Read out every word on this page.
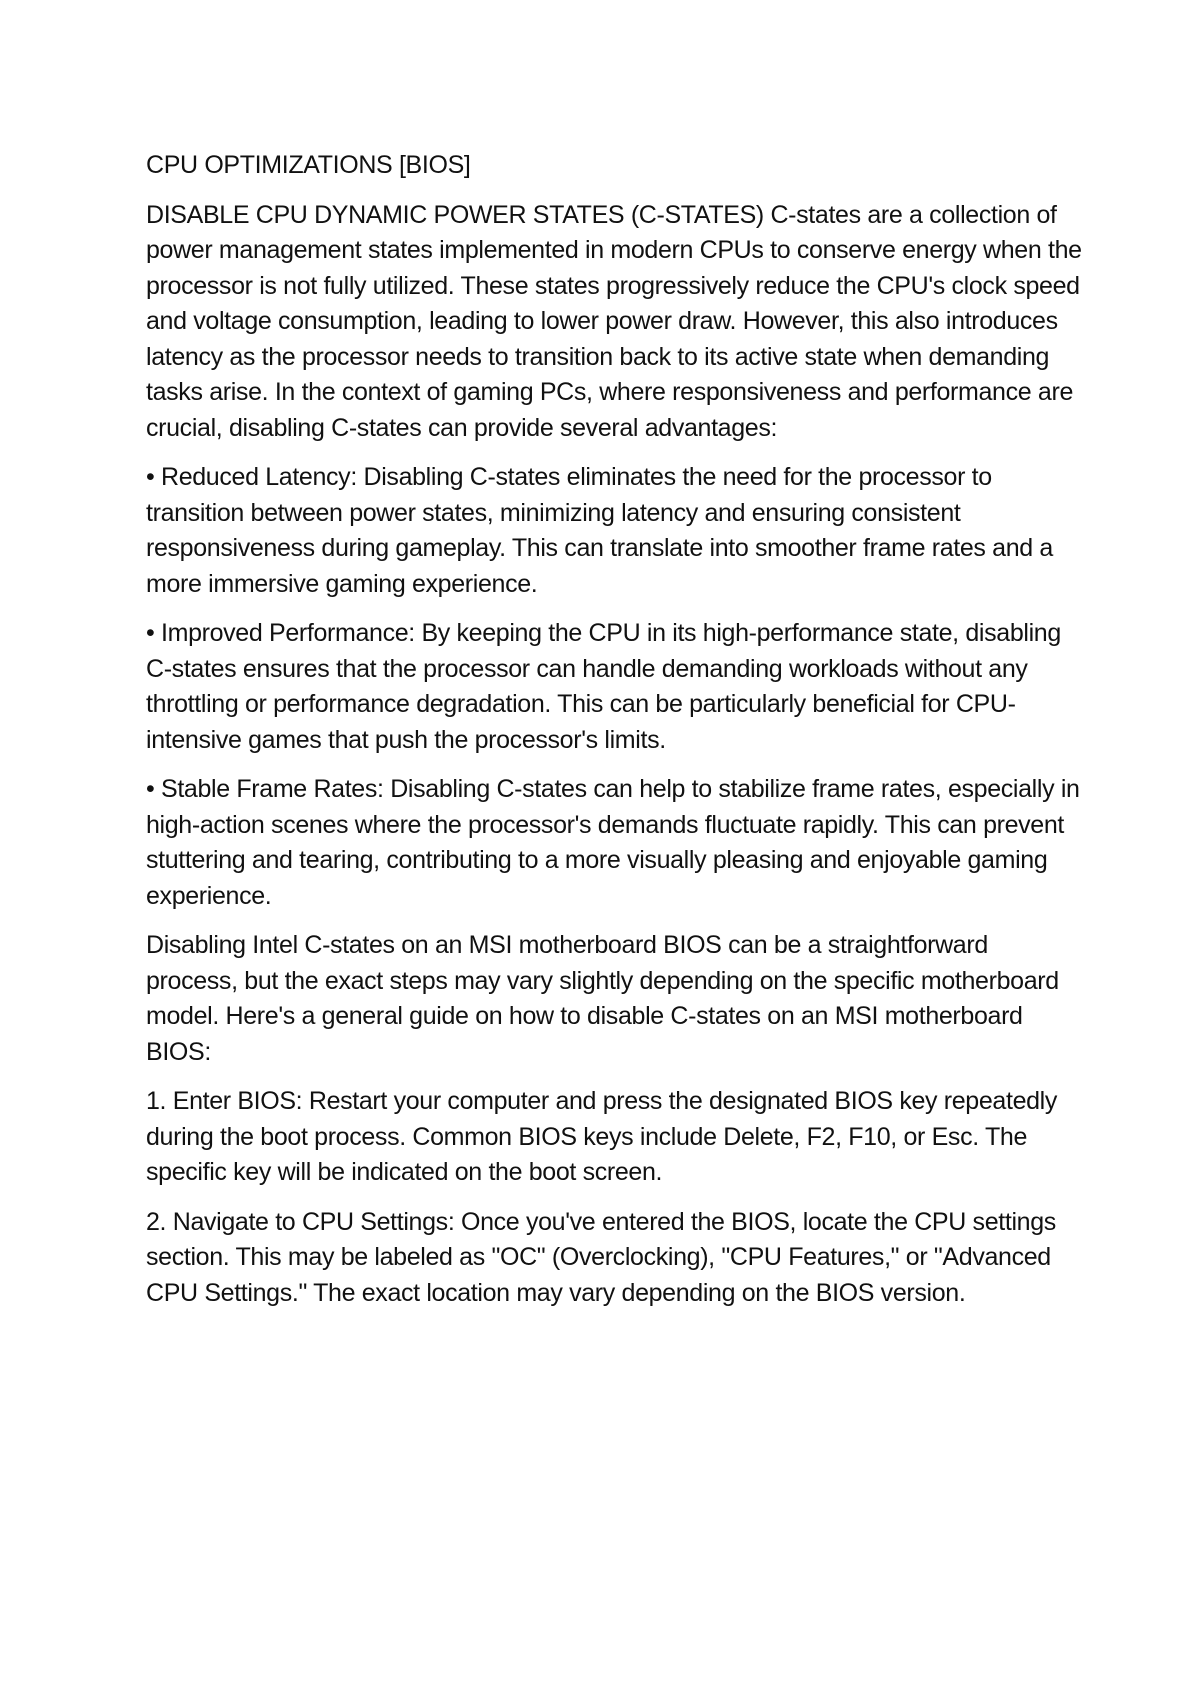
CPU OPTIMIZATIONS [BIOS]

DISABLE CPU DYNAMIC POWER STATES (C-STATES) C-states are a collection of power management states implemented in modern CPUs to conserve energy when the processor is not fully utilized. These states progressively reduce the CPU's clock speed and voltage consumption, leading to lower power draw. However, this also introduces latency as the processor needs to transition back to its active state when demanding tasks arise. In the context of gaming PCs, where responsiveness and performance are crucial, disabling C-states can provide several advantages:

• Reduced Latency: Disabling C-states eliminates the need for the processor to transition between power states, minimizing latency and ensuring consistent responsiveness during gameplay. This can translate into smoother frame rates and a more immersive gaming experience.

• Improved Performance: By keeping the CPU in its high-performance state, disabling C-states ensures that the processor can handle demanding workloads without any throttling or performance degradation. This can be particularly beneficial for CPU-intensive games that push the processor's limits.

• Stable Frame Rates: Disabling C-states can help to stabilize frame rates, especially in high-action scenes where the processor's demands fluctuate rapidly. This can prevent stuttering and tearing, contributing to a more visually pleasing and enjoyable gaming experience.

Disabling Intel C-states on an MSI motherboard BIOS can be a straightforward process, but the exact steps may vary slightly depending on the specific motherboard model. Here's a general guide on how to disable C-states on an MSI motherboard BIOS:

1. Enter BIOS: Restart your computer and press the designated BIOS key repeatedly during the boot process. Common BIOS keys include Delete, F2, F10, or Esc. The specific key will be indicated on the boot screen.

2. Navigate to CPU Settings: Once you've entered the BIOS, locate the CPU settings section. This may be labeled as "OC" (Overclocking), "CPU Features," or "Advanced CPU Settings." The exact location may vary depending on the BIOS version.
